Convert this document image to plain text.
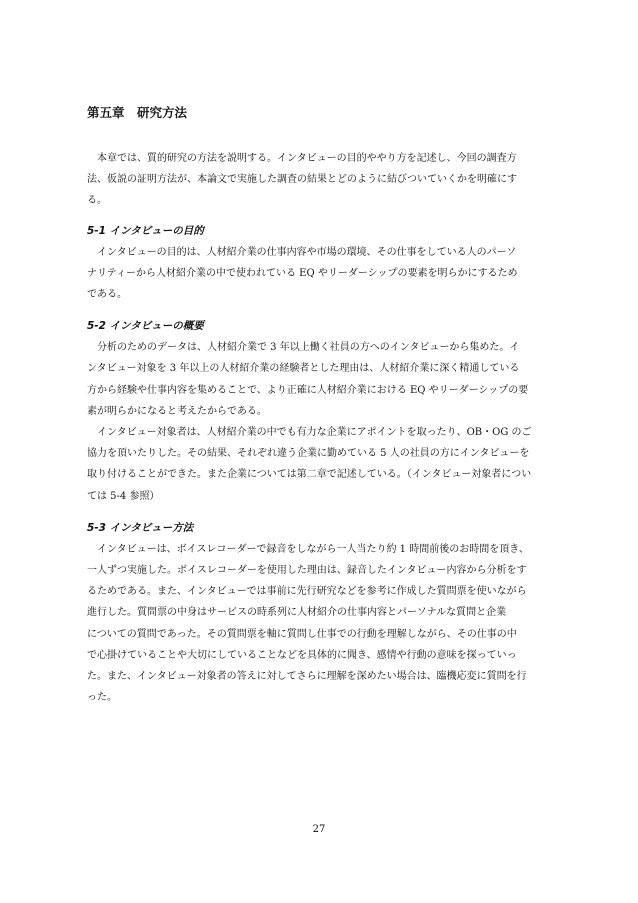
第五章　研究方法

本章では、質的研究の方法を説明する。インタビューの目的ややり方を記述し、今回の調査方
法、仮説の証明方法が、本論文で実施した調査の結果とどのように結びついていくかを明確にす
る。

5-1 インタビューの目的

インタビューの目的は、人材紹介業の仕事内容や市場の環境、その仕事をしている人のパーソ
ナリティーから人材紹介業の中で使われている EQ やリーダーシップの要素を明らかにするため
である。

5-2 インタビューの概要

分析のためのデータは、人材紹介業で 3 年以上働く社員の方へのインタビューから集めた。イ
ンタビュー対象を 3 年以上の人材紹介業の経験者とした理由は、人材紹介業に深く精通している
方から経験や仕事内容を集めることで、より正確に人材紹介業における EQ やリーダーシップの要
素が明らかになると考えたからである。

インタビュー対象者は、人材紹介業の中でも有力な企業にアポイントを取ったり、OB・OG のご
協力を頂いたりした。その結果、それぞれ違う企業に勤めている 5 人の社員の方にインタビューを
取り付けることができた。また企業については第二章で記述している。（インタビュー対象者につい
ては 5-4 参照）

5-3 インタビュー方法

インタビューは、ボイスレコーダーで録音をしながら一人当たり約 1 時間前後のお時間を頂き、
一人ずつ実施した。ボイスレコーダーを使用した理由は、録音したインタビュー内容から分析をす
るためである。また、インタビューでは事前に先行研究などを参考に作成した質問票を使いながら
進行した。質問票の中身はサービスの時系列に人材紹介の仕事内容とパーソナルな質問と企業
についての質問であった。その質問票を軸に質問し仕事での行動を理解しながら、その仕事の中
で心掛けていることや大切にしていることなどを具体的に聞き、感情や行動の意味を探っていっ
た。また、インタビュー対象者の答えに対してさらに理解を深めたい場合は、臨機応変に質問を行
った。

27
